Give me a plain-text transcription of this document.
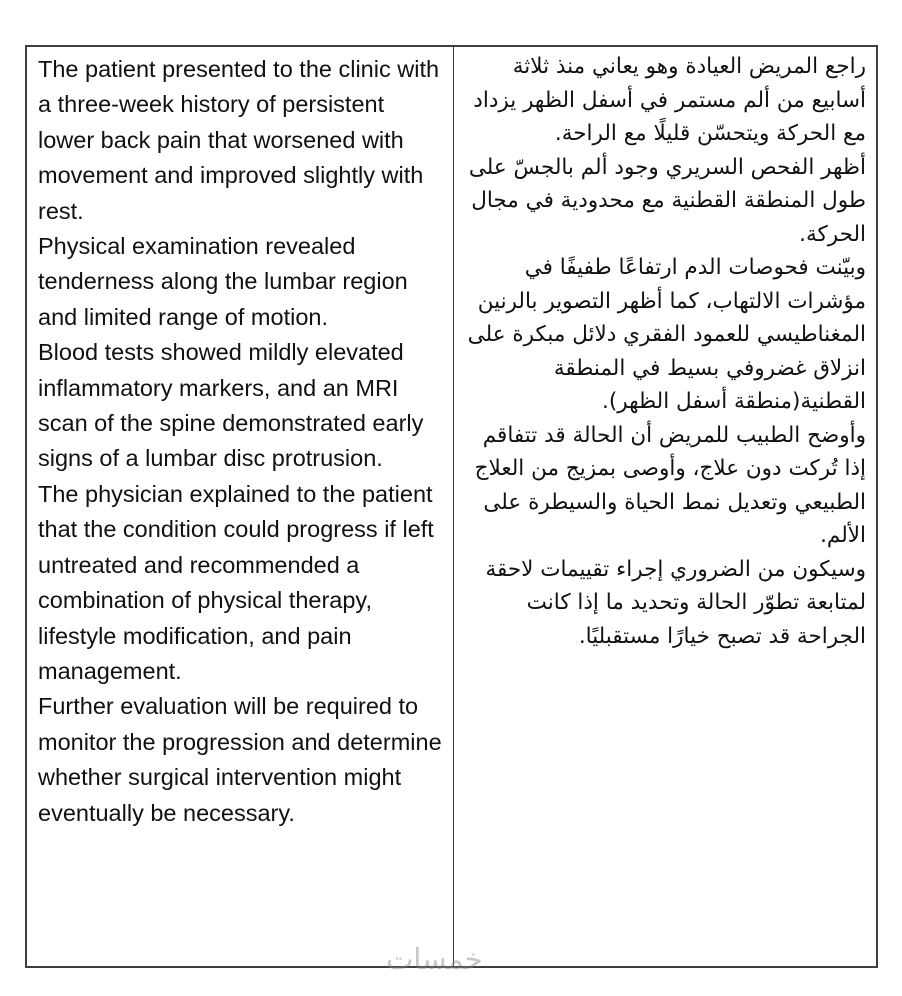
The patient presented to the clinic with a three-week history of persistent lower back pain that worsened with movement and improved slightly with rest.

Physical examination revealed tenderness along the lumbar region and limited range of motion.

Blood tests showed mildly elevated inflammatory markers, and an MRI scan of the spine demonstrated early signs of a lumbar disc protrusion.

The physician explained to the patient that the condition could progress if left untreated and recommended a combination of physical therapy, lifestyle modification, and pain management.

Further evaluation will be required to monitor the progression and determine whether surgical intervention might eventually be necessary.

راجع المريض العيادة وهو يعاني منذ ثلاثة أسابيع من ألم مستمر في أسفل الظهر يزداد مع الحركة ويتحسّن قليلًا مع الراحة.

أظهر الفحص السريري وجود ألم بالجسّ على طول المنطقة القطنية مع محدودية في مجال الحركة.

وبيّنت فحوصات الدم ارتفاعًا طفيفًا في مؤشرات الالتهاب، كما أظهر التصوير بالرنين المغناطيسي للعمود الفقري دلائل مبكرة على انزلاق غضروفي بسيط في المنطقة القطنية(منطقة أسفل الظهر).

وأوضح الطبيب للمريض أن الحالة قد تتفاقم إذا تُركت دون علاج، وأوصى بمزيج من العلاج الطبيعي وتعديل نمط الحياة والسيطرة على الألم.

وسيكون من الضروري إجراء تقييمات لاحقة لمتابعة تطوّر الحالة وتحديد ما إذا كانت الجراحة قد تصبح خيارًا مستقبليًا.

خمسات
